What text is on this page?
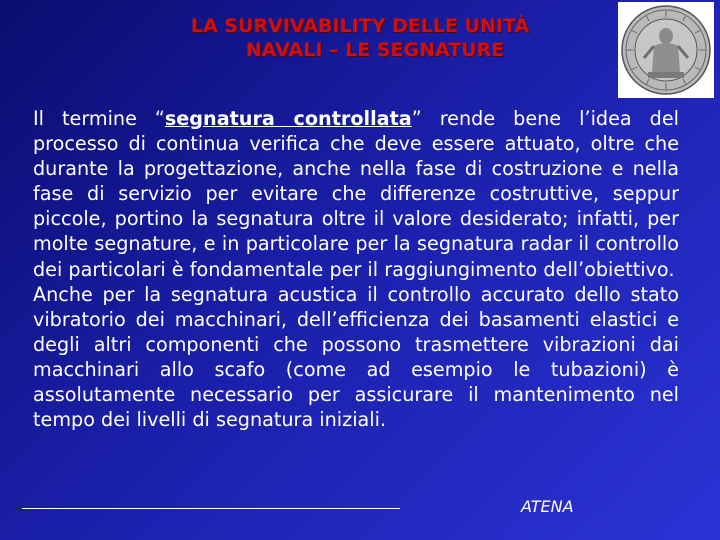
LA SURVIVABILITY DELLE UNITÀ
NAVALI – LE SEGNATURE

Il termine “segnatura controllata” rende bene l’idea del processo di continua verifica che deve essere attuato, oltre che durante la progettazione, anche nella fase di costruzione e nella fase di servizio per evitare che differenze costruttive, seppur piccole, portino la segnatura oltre il valore desiderato; infatti, per molte segnature, e in particolare per la segnatura radar il controllo dei particolari è fondamentale per il raggiungimento dell’obiettivo.

Anche per la segnatura acustica il controllo accurato dello stato vibratorio dei macchinari, dell’efficienza dei basamenti elastici e degli altri componenti che possono trasmettere vibrazioni dai macchinari allo scafo (come ad esempio le tubazioni) è assolutamente necessario per assicurare il mantenimento nel tempo dei livelli di segnatura iniziali.

ATENA
